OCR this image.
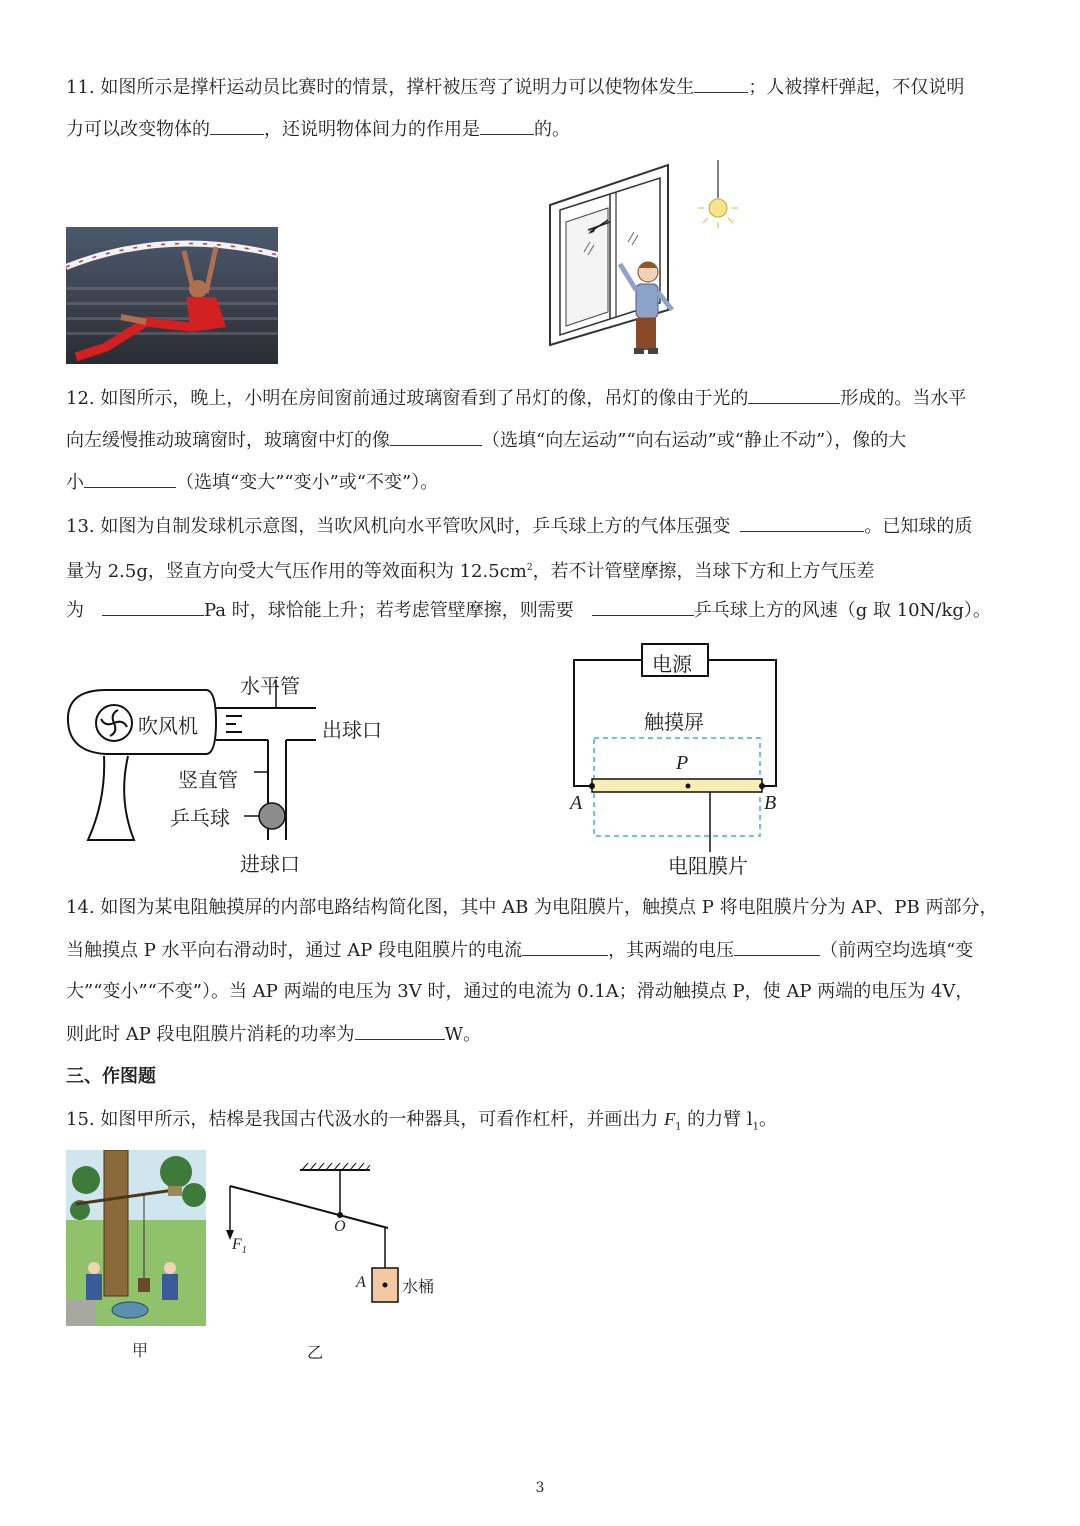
11. 如图所示是撑杆运动员比赛时的情景，撑杆被压弯了说明力可以使物体发生	；人被撑杆弹起，不仅说明
力可以改变物体的	，还说明物体间力的作用是	的。
12. 如图所示，晚上，小明在房间窗前通过玻璃窗看到了吊灯的像，吊灯的像由于光的	形成的。当水平
向左缓慢推动玻璃窗时，玻璃窗中灯的像	（选填“向左运动”“向右运动”或“静止不动”），像的大
小	（选填“变大”“变小”或“不变”）。
13. 如图为自制发球机示意图，当吹风机向水平管吹风时，乒乓球上方的气体压强变	。已知球的质
量为 2.5g，竖直方向受大气压作用的等效面积为 $12.5cm^2$，若不计管壁摩擦，当球下方和上方气压差
为	Pa 时，球恰能上升；若考虑管壁摩擦，则需要	乒乓球上方的风速（g 取 10N/kg）。
水平管
吹风机	出球口
竖直管
乒乓球
进球口
电源
触摸屏
P
A	B
电阻膜片
14. 如图为某电阻触摸屏的内部电路结构简化图，其中 AB 为电阻膜片，触摸点 P 将电阻膜片分为 AP、PB 两部分，
当触摸点 P 水平向右滑动时，通过 AP 段电阻膜片的电流	，其两端的电压	（前两空均选填“变
大”“变小”“不变”）。当 AP 两端的电压为 3V 时，通过的电流为 0.1A；滑动触摸点 P，使 AP 两端的电压为 4V，
则此时 AP 段电阻膜片消耗的功率为	W。
三、作图题
15. 如图甲所示，桔槔是我国古代汲水的一种器具，可看作杠杆，并画出力 $F_1$ 的力臂 $l_1$。
甲
$F_1$
O
A 水桶
乙
3
